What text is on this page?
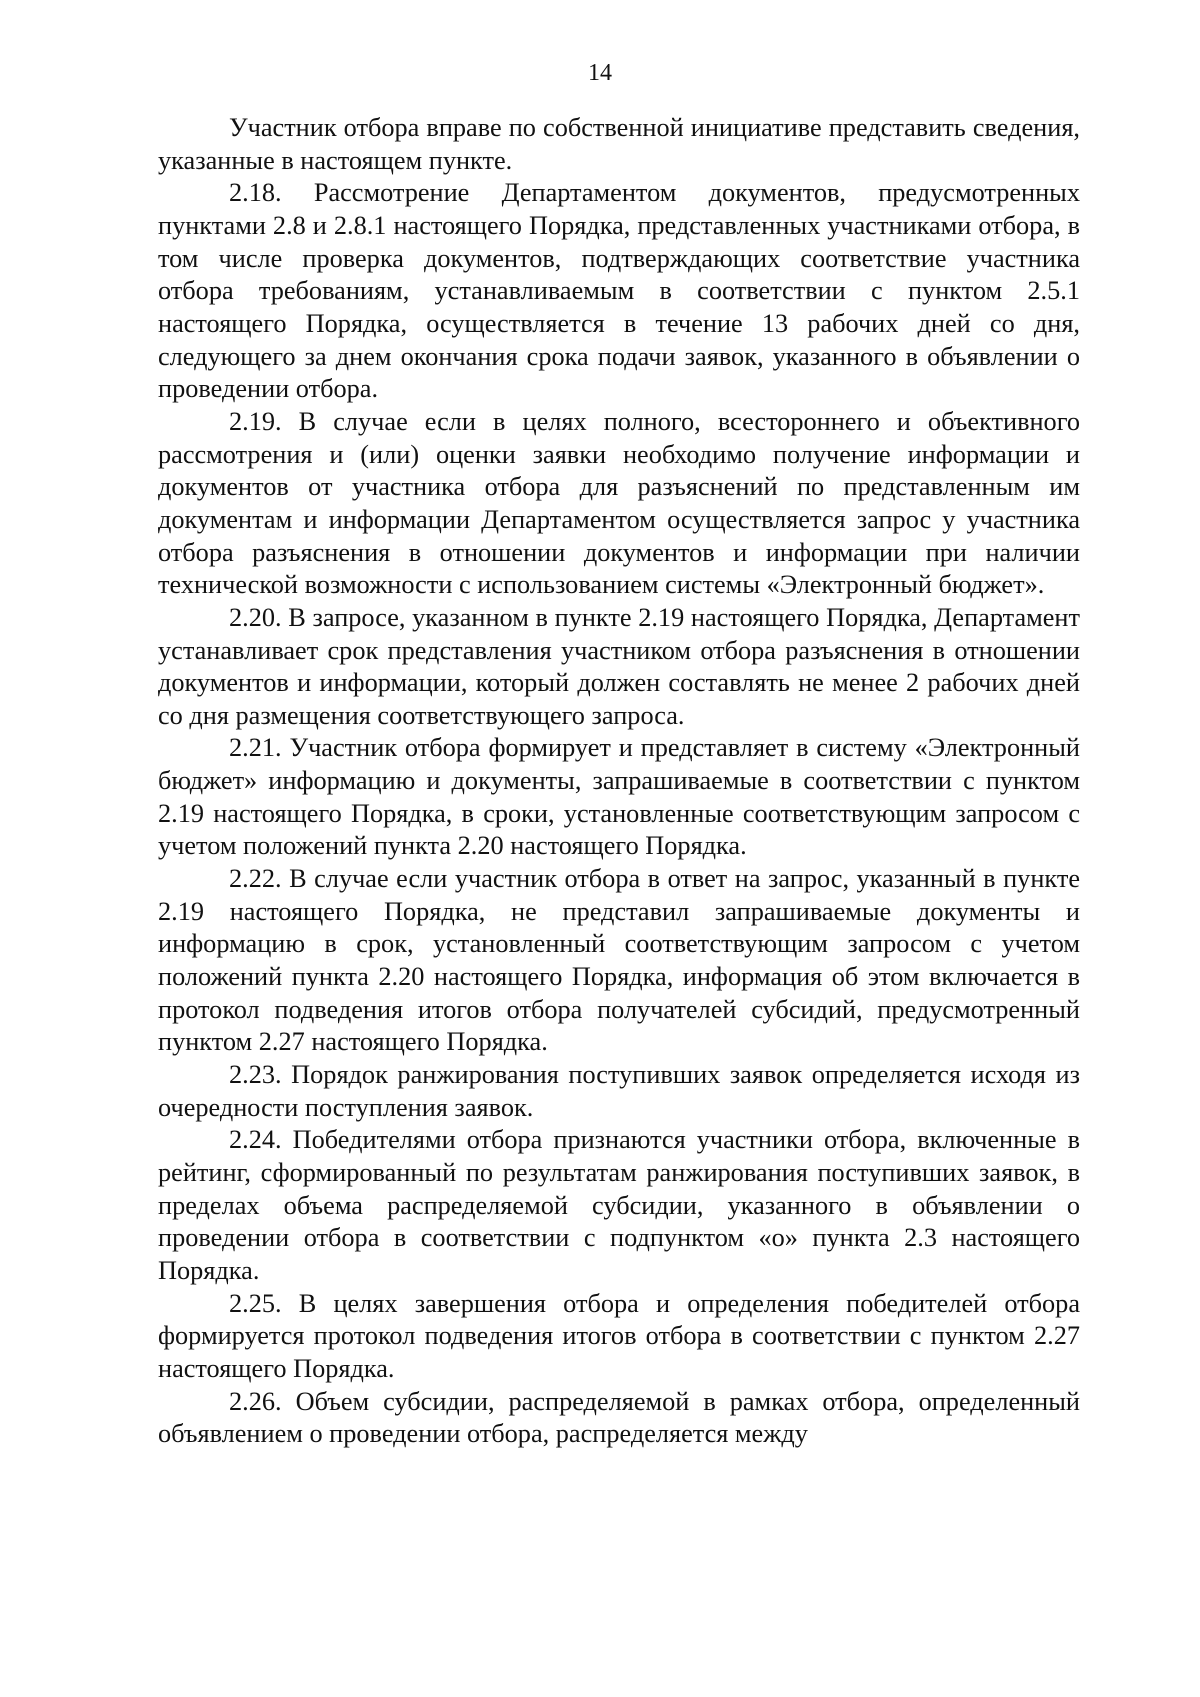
14

Участник отбора вправе по собственной инициативе представить сведения, указанные в настоящем пункте.

2.18. Рассмотрение Департаментом документов, предусмотренных пунктами 2.8 и 2.8.1 настоящего Порядка, представленных участниками отбора, в том числе проверка документов, подтверждающих соответствие участника отбора требованиям, устанавливаемым в соответствии с пунктом 2.5.1 настоящего Порядка, осуществляется в течение 13 рабочих дней со дня, следующего за днем окончания срока подачи заявок, указанного в объявлении о проведении отбора.

2.19. В случае если в целях полного, всестороннего и объективного рассмотрения и (или) оценки заявки необходимо получение информации и документов от участника отбора для разъяснений по представленным им документам и информации Департаментом осуществляется запрос у участника отбора разъяснения в отношении документов и информации при наличии технической возможности с использованием системы «Электронный бюджет».

2.20. В запросе, указанном в пункте 2.19 настоящего Порядка, Департамент устанавливает срок представления участником отбора разъяснения в отношении документов и информации, который должен составлять не менее 2 рабочих дней со дня размещения соответствующего запроса.

2.21. Участник отбора формирует и представляет в систему «Электронный бюджет» информацию и документы, запрашиваемые в соответствии с пунктом 2.19 настоящего Порядка, в сроки, установленные соответствующим запросом с учетом положений пункта 2.20 настоящего Порядка.

2.22. В случае если участник отбора в ответ на запрос, указанный в пункте 2.19 настоящего Порядка, не представил запрашиваемые документы и информацию в срок, установленный соответствующим запросом с учетом положений пункта 2.20 настоящего Порядка, информация об этом включается в протокол подведения итогов отбора получателей субсидий, предусмотренный пунктом 2.27 настоящего Порядка.

2.23. Порядок ранжирования поступивших заявок определяется исходя из очередности поступления заявок.

2.24. Победителями отбора признаются участники отбора, включенные в рейтинг, сформированный по результатам ранжирования поступивших заявок, в пределах объема распределяемой субсидии, указанного в объявлении о проведении отбора в соответствии с подпунктом «о» пункта 2.3 настоящего Порядка.

2.25. В целях завершения отбора и определения победителей отбора формируется протокол подведения итогов отбора в соответствии с пунктом 2.27 настоящего Порядка.

2.26. Объем субсидии, распределяемой в рамках отбора, определенный объявлением о проведении отбора, распределяется между
